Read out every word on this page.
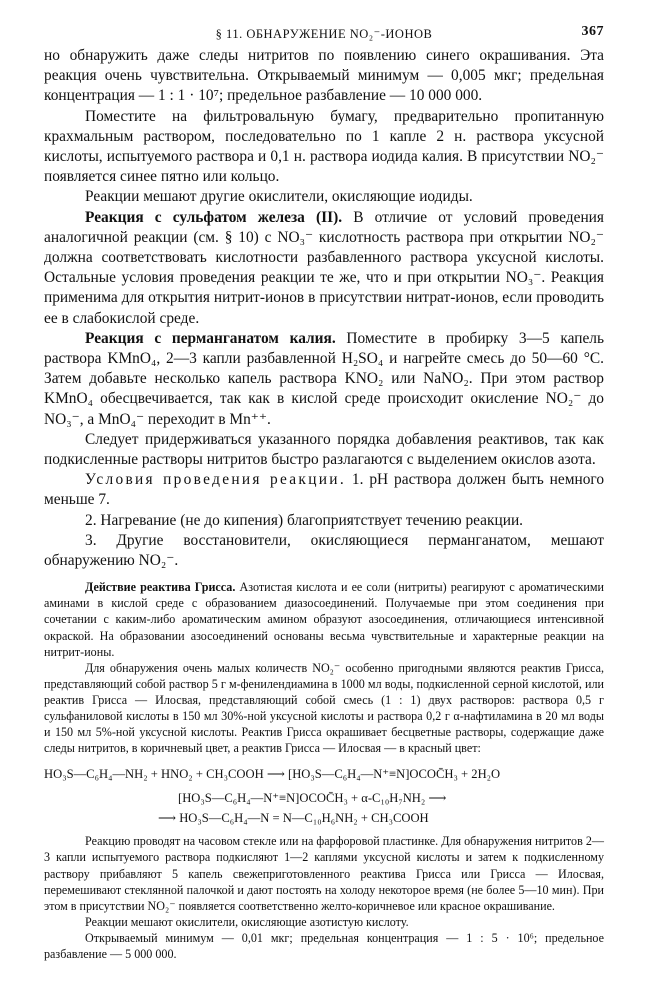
§ 11. ОБНАРУЖЕНИЕ NO₂⁻-ИОНОВ	367

но обнаружить даже следы нитритов по появлению синего окрашивания. Эта реакция очень чувствительна. Открываемый минимум — 0,005 мкг; предельная концентрация — 1 : 1 · 10⁷; предельное разбавление — 10 000 000.

Поместите на фильтровальную бумагу, предварительно пропитанную крахмальным раствором, последовательно по 1 капле 2 н. раствора уксусной кислоты, испытуемого раствора и 0,1 н. раствора иодида калия. В присутствии NO₂⁻ появляется синее пятно или кольцо.

Реакции мешают другие окислители, окисляющие иодиды.

Реакция с сульфатом железа (II). В отличие от условий проведения аналогичной реакции (см. § 10) с NO₃⁻ кислотность раствора при открытии NO₂⁻ должна соответствовать кислотности разбавленного раствора уксусной кислоты. Остальные условия проведения реакции те же, что и при открытии NO₃⁻. Реакция применима для открытия нитрит-ионов в присутствии нитрат-ионов, если проводить ее в слабокислой среде.

Реакция с перманганатом калия. Поместите в пробирку 3—5 капель раствора KMnO₄, 2—3 капли разбавленной H₂SO₄ и нагрейте смесь до 50—60 °C. Затем добавьте несколько капель раствора KNO₂ или NaNO₂. При этом раствор KMnO₄ обесцвечивается, так как в кислой среде происходит окисление NO₂⁻ до NO₃⁻, а MnO₄⁻ переходит в Mn⁺⁺.

Следует придерживаться указанного порядка добавления реактивов, так как подкисленные растворы нитритов быстро разлагаются с выделением окислов азота.

Условия проведения реакции. 1. pH раствора должен быть немного меньше 7.

2. Нагревание (не до кипения) благоприятствует течению реакции.

3. Другие восстановители, окисляющиеся перманганатом, мешают обнаружению NO₂⁻.

Действие реактива Грисса. Азотистая кислота и ее соли (нитриты) реагируют с ароматическими аминами в кислой среде с образованием диазосоединений. Получаемые при этом соединения при сочетании с каким-либо ароматическим амином образуют азосоединения, отличающиеся интенсивной окраской. На образовании азосоединений основаны весьма чувствительные и характерные реакции на нитрит-ионы.

Для обнаружения очень малых количеств NO₂⁻ особенно пригодными являются реактив Грисса, представляющий собой раствор 5 г м-фенилендиамина в 1000 мл воды, подкисленной серной кислотой, или реактив Грисса — Илосвая, представляющий собой смесь (1 : 1) двух растворов: раствора 0,5 г сульфаниловой кислоты в 150 мл 30%-ной уксусной кислоты и раствора 0,2 г α-нафтиламина в 20 мл воды и 150 мл 5%-ной уксусной кислоты. Реактив Грисса окрашивает бесцветные растворы, содержащие даже следы нитритов, в коричневый цвет, а реактив Грисса — Илосвая — в красный цвет:

HO₃S—C₆H₄—NH₂ + HNO₂ + CH₃COOH ⟶ [HO₃S—C₆H₄—N⁺≡N]OCOC̄H₃ + 2H₂O
[HO₃S—C₆H₄—N⁺≡N]OCOC̄H₃ + α-C₁₀H₇NH₂ ⟶
⟶ HO₃S—C₆H₄—N = N—C₁₀H₆NH₂ + CH₃COOH

Реакцию проводят на часовом стекле или на фарфоровой пластинке. Для обнаружения нитритов 2—3 капли испытуемого раствора подкисляют 1—2 каплями уксусной кислоты и затем к подкисленному раствору прибавляют 5 капель свежеприготовленного реактива Грисса или Грисса — Илосвая, перемешивают стеклянной палочкой и дают постоять на холоду некоторое время (не более 5—10 мин). При этом в присутствии NO₂⁻ появляется соответственно желто-коричневое или красное окрашивание.

Реакции мешают окислители, окисляющие азотистую кислоту.

Открываемый минимум — 0,01 мкг; предельная концентрация — 1 : 5 · 10⁶; предельное разбавление — 5 000 000.
